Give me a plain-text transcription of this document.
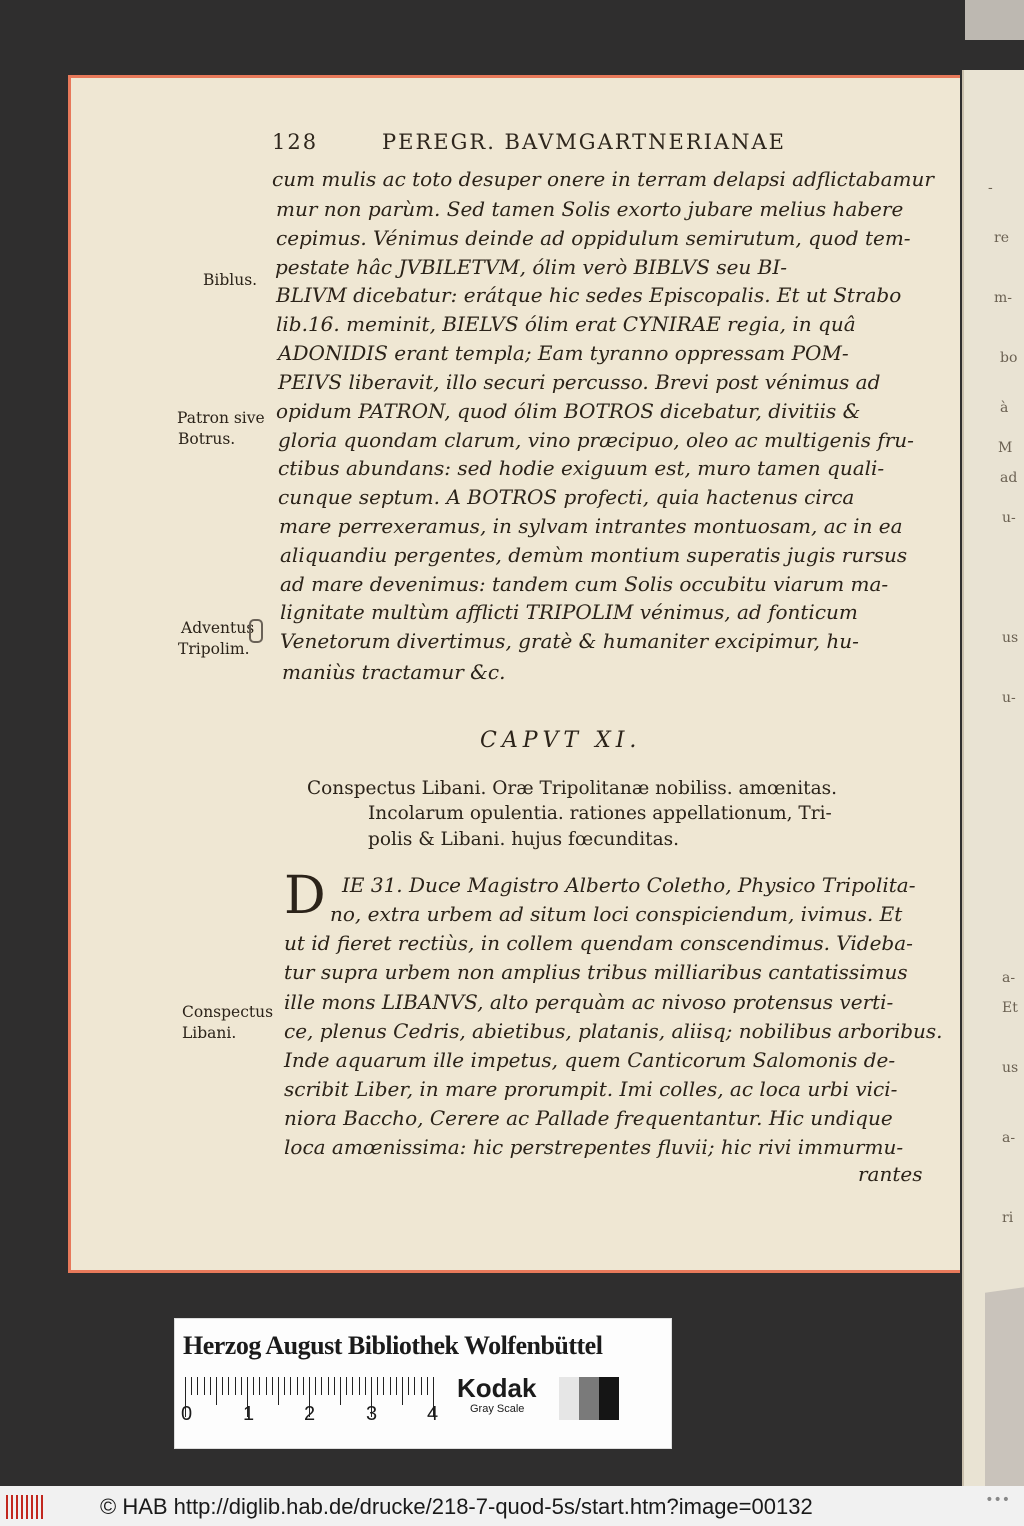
-
re
m-
bo
à
M
ad
u-
us
u-
a-
Et
us
a-
ri
128	PEREGR. BAVMGARTNERIANAE
cum mulis ac toto desuper onere in terram delapsi adflictabamur
mur non parùm. Sed tamen Solis exorto jubare melius habere
cepimus. Vénimus deinde ad oppidulum semirutum, quod tem-
pestate hâc JVBILETVM, ólim verò BIBLVS seu BI-
BLIVM dicebatur: erátque hic sedes Episcopalis. Et ut Strabo
lib.16. meminit, BIELVS ólim erat CYNIRAE regia, in quâ
ADONIDIS erant templa; Eam tyranno oppressam POM-
PEIVS liberavit, illo securi percusso. Brevi post vénimus ad
opidum PATRON, quod ólim BOTROS dicebatur, divitiis &
gloria quondam clarum, vino præcipuo, oleo ac multigenis fru-
ctibus abundans: sed hodie exiguum est, muro tamen quali-
cunque septum. A BOTROS profecti, quia hactenus circa
mare perrexeramus, in sylvam intrantes montuosam, ac in ea
aliquandiu pergentes, demùm montium superatis jugis rursus
ad mare devenimus: tandem cum Solis occubitu viarum ma-
lignitate multùm afflicti TRIPOLIM vénimus, ad fonticum
Venetorum divertimus, gratè & humaniter excipimur, hu-
maniùs tractamur &c.
Biblus.
Patron sive
Botrus.
Adventus
Tripolim.
Conspectus
Libani.
CAPVT XI.
Conspectus Libani. Oræ Tripolitanæ nobiliss. amœnitas.
Incolarum opulentia. rationes appellationum, Tri-
polis & Libani. hujus fœcunditas.
D IE 31. Duce Magistro Alberto Coletho, Physico Tripolita-
no, extra urbem ad situm loci conspiciendum, ivimus. Et
ut id fieret rectiùs, in collem quendam conscendimus. Videba-
tur supra urbem non amplius tribus milliaribus cantatissimus
ille mons LIBANVS, alto perquàm ac nivoso protensus verti-
ce, plenus Cedris, abietibus, platanis, aliisq; nobilibus arboribus.
Inde aquarum ille impetus, quem Canticorum Salomonis de-
scribit Liber, in mare prorumpit. Imi colles, ac loca urbi vici-
niora Baccho, Cerere ac Pallade frequentantur. Hic undique
loca amœnissima: hic perstrepentes fluvii; hic rivi immurmu-
rantes
Herzog August Bibliothek Wolfenbüttel
0	1 2	3 4
Kodak
Gray Scale
© HAB http://diglib.hab.de/drucke/218-7-quod-5s/start.htm?image=00132	•••
